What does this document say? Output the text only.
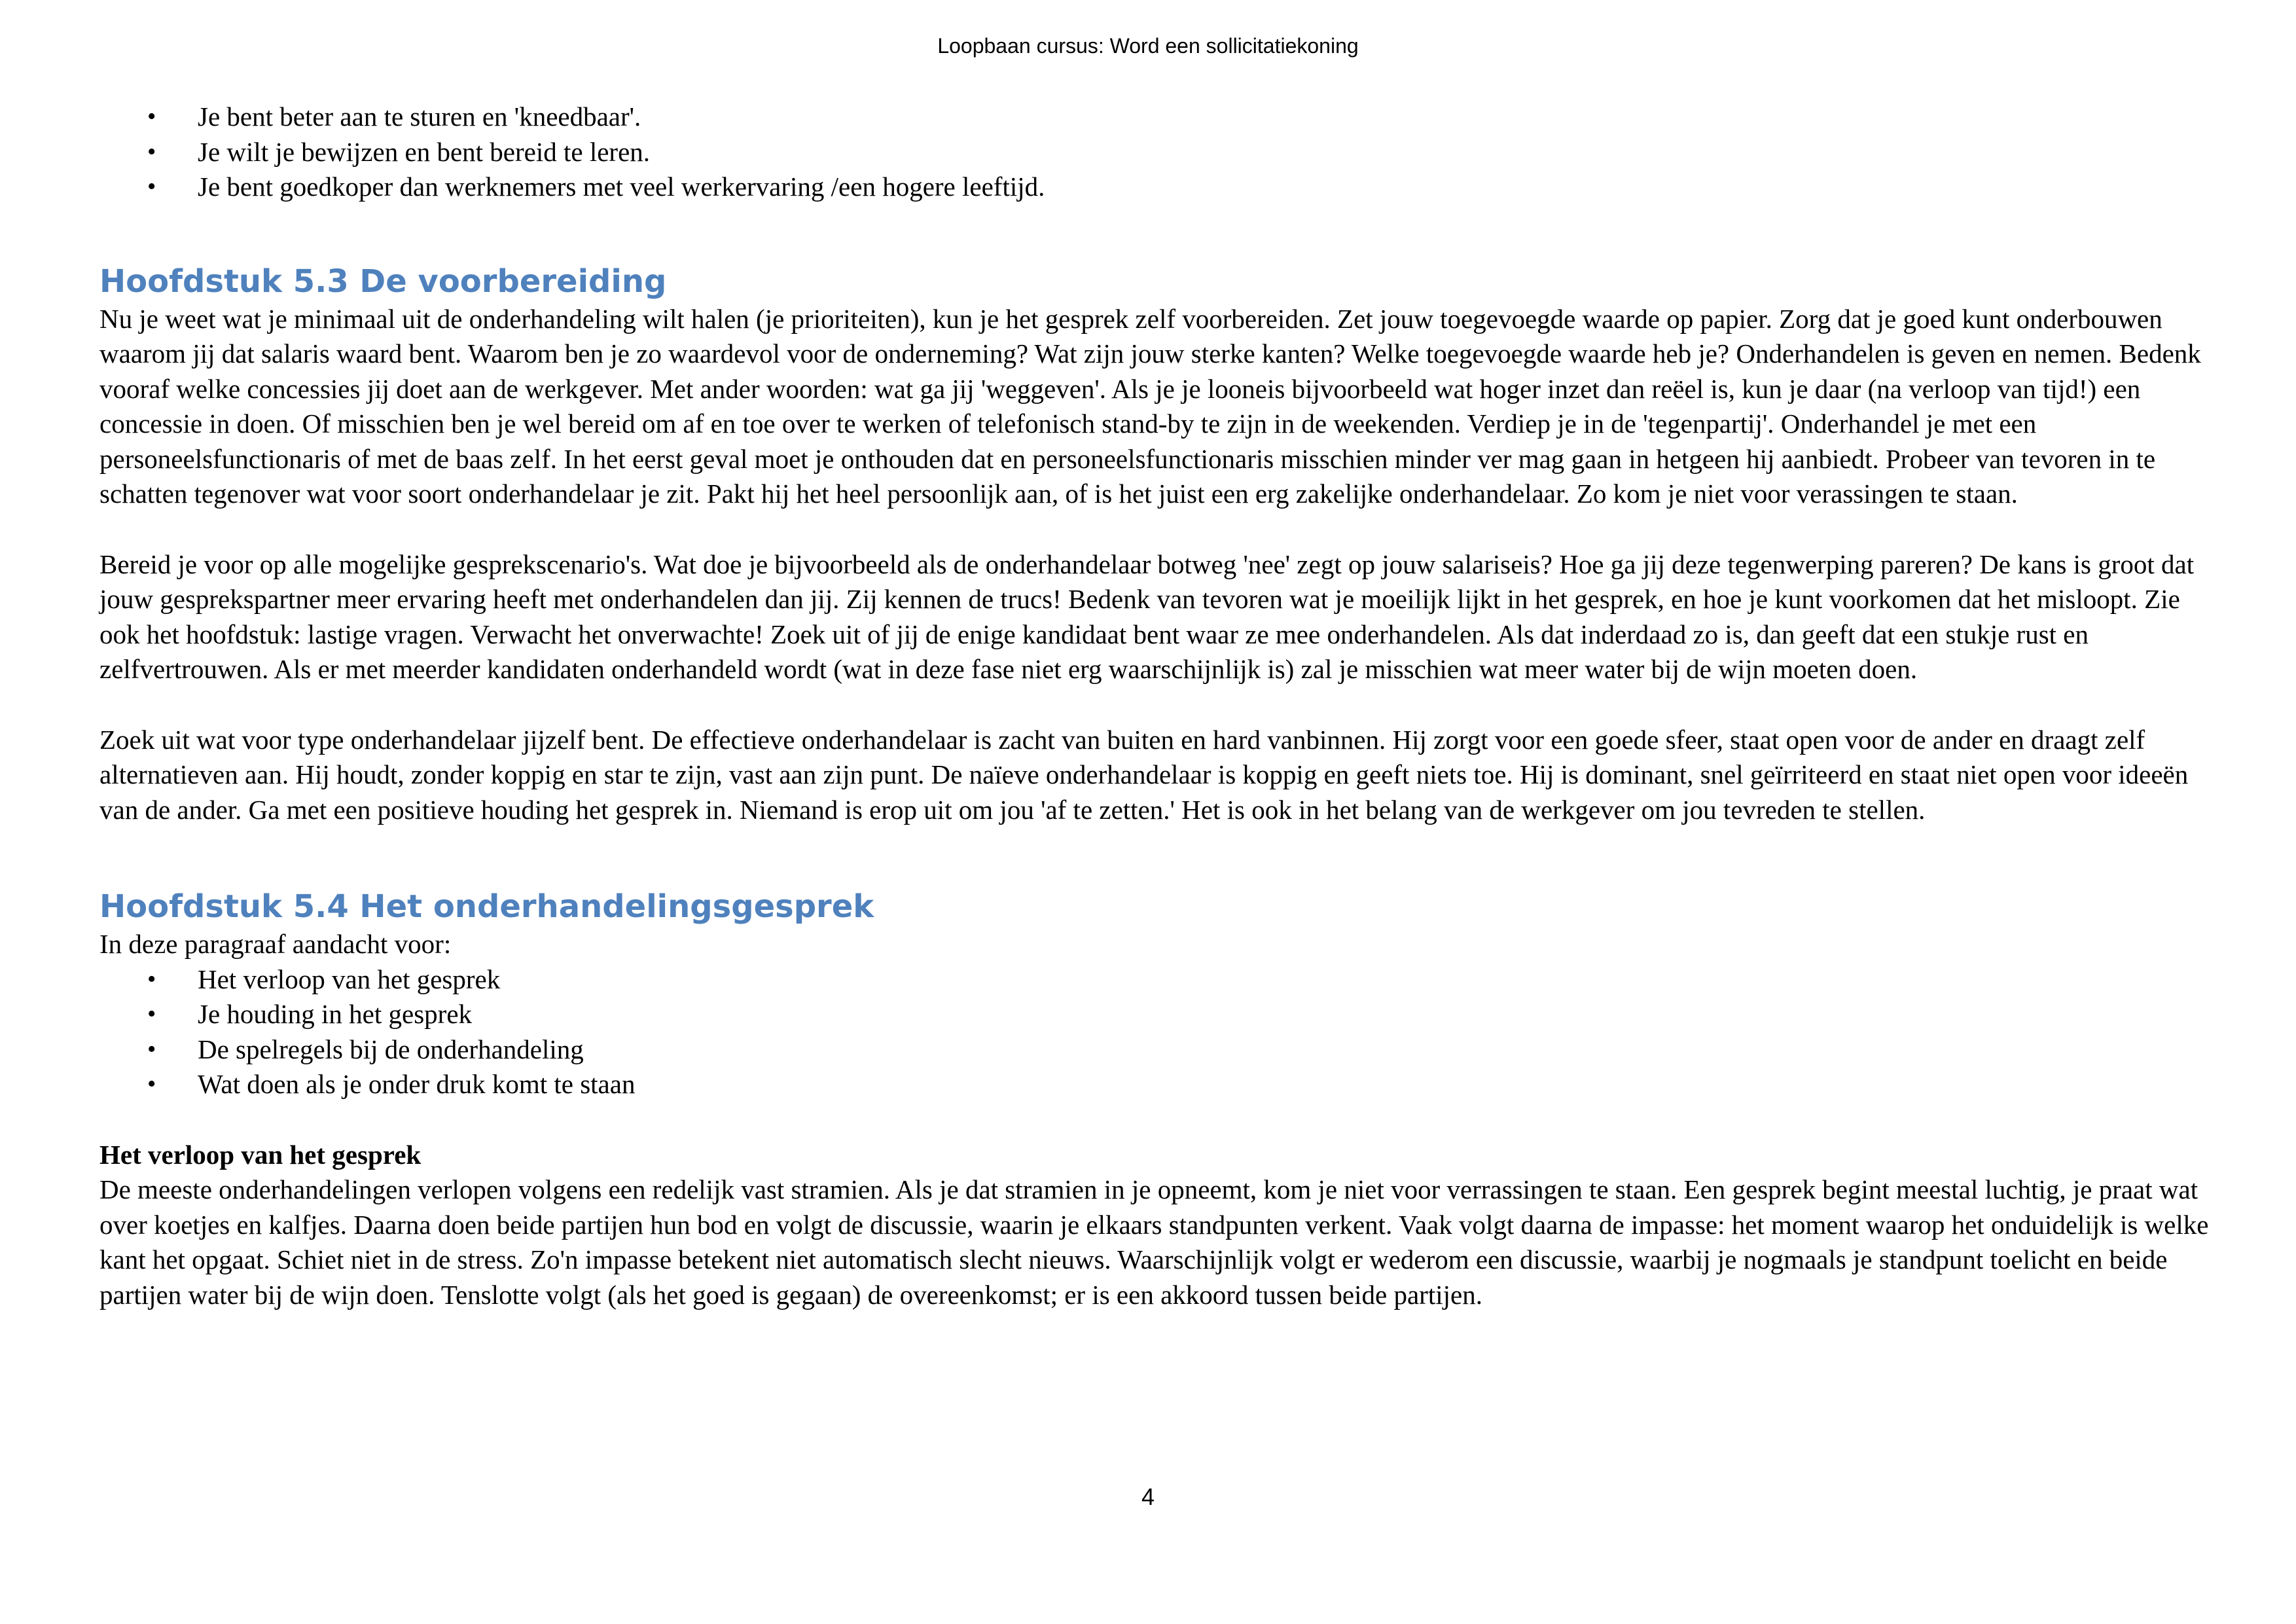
Loopbaan cursus: Word een sollicitatiekoning
• Je bent beter aan te sturen en 'kneedbaar'.
• Je wilt je bewijzen en bent bereid te leren.
• Je bent goedkoper dan werknemers met veel werkervaring /een hogere leeftijd.
Hoofdstuk 5.3 De voorbereiding

Nu je weet wat je minimaal uit de onderhandeling wilt halen (je prioriteiten), kun je het gesprek zelf voorbereiden. Zet jouw toegevoegde waarde op papier. Zorg dat je goed kunt onderbouwen waarom jij dat salaris waard bent. Waarom ben je zo waardevol voor de onderneming? Wat zijn jouw sterke kanten? Welke toegevoegde waarde heb je? Onderhandelen is geven en nemen. Bedenk vooraf welke concessies jij doet aan de werkgever. Met ander woorden: wat ga jij 'weggeven'. Als je je looneis bijvoorbeeld wat hoger inzet dan reëel is, kun je daar (na verloop van tijd!) een concessie in doen. Of misschien ben je wel bereid om af en toe over te werken of telefonisch stand-by te zijn in de weekenden. Verdiep je in de 'tegenpartij'. Onderhandel je met een personeelsfunctionaris of met de baas zelf. In het eerst geval moet je onthouden dat en personeelsfunctionaris misschien minder ver mag gaan in hetgeen hij aanbiedt. Probeer van tevoren in te schatten tegenover wat voor soort onderhandelaar je zit. Pakt hij het heel persoonlijk aan, of is het juist een erg zakelijke onderhandelaar. Zo kom je niet voor verassingen te staan.

Bereid je voor op alle mogelijke gesprekscenario's. Wat doe je bijvoorbeeld als de onderhandelaar botweg 'nee' zegt op jouw salariseis? Hoe ga jij deze tegenwerping pareren? De kans is groot dat jouw gesprekspartner meer ervaring heeft met onderhandelen dan jij. Zij kennen de trucs! Bedenk van tevoren wat je moeilijk lijkt in het gesprek, en hoe je kunt voorkomen dat het misloopt. Zie ook het hoofdstuk: lastige vragen. Verwacht het onverwachte! Zoek uit of jij de enige kandidaat bent waar ze mee onderhandelen. Als dat inderdaad zo is, dan geeft dat een stukje rust en zelfvertrouwen. Als er met meerder kandidaten onderhandeld wordt (wat in deze fase niet erg waarschijnlijk is) zal je misschien wat meer water bij de wijn moeten doen.

Zoek uit wat voor type onderhandelaar jijzelf bent. De effectieve onderhandelaar is zacht van buiten en hard vanbinnen. Hij zorgt voor een goede sfeer, staat open voor de ander en draagt zelf alternatieven aan. Hij houdt, zonder koppig en star te zijn, vast aan zijn punt. De naïeve onderhandelaar is koppig en geeft niets toe. Hij is dominant, snel geïrriteerd en staat niet open voor ideeën van de ander. Ga met een positieve houding het gesprek in. Niemand is erop uit om jou 'af te zetten.' Het is ook in het belang van de werkgever om jou tevreden te stellen.

Hoofdstuk 5.4 Het onderhandelingsgesprek

In deze paragraaf aandacht voor:

• Het verloop van het gesprek
• Je houding in het gesprek
• De spelregels bij de onderhandeling
• Wat doen als je onder druk komt te staan

Het verloop van het gesprek

De meeste onderhandelingen verlopen volgens een redelijk vast stramien. Als je dat stramien in je opneemt, kom je niet voor verrassingen te staan. Een gesprek begint meestal luchtig, je praat wat over koetjes en kalfjes. Daarna doen beide partijen hun bod en volgt de discussie, waarin je elkaars standpunten verkent. Vaak volgt daarna de impasse: het moment waarop het onduidelijk is welke kant het opgaat. Schiet niet in de stress. Zo'n impasse betekent niet automatisch slecht nieuws. Waarschijnlijk volgt er wederom een discussie, waarbij je nogmaals je standpunt toelicht en beide partijen water bij de wijn doen. Tenslotte volgt (als het goed is gegaan) de overeenkomst; er is een akkoord tussen beide partijen.

4
